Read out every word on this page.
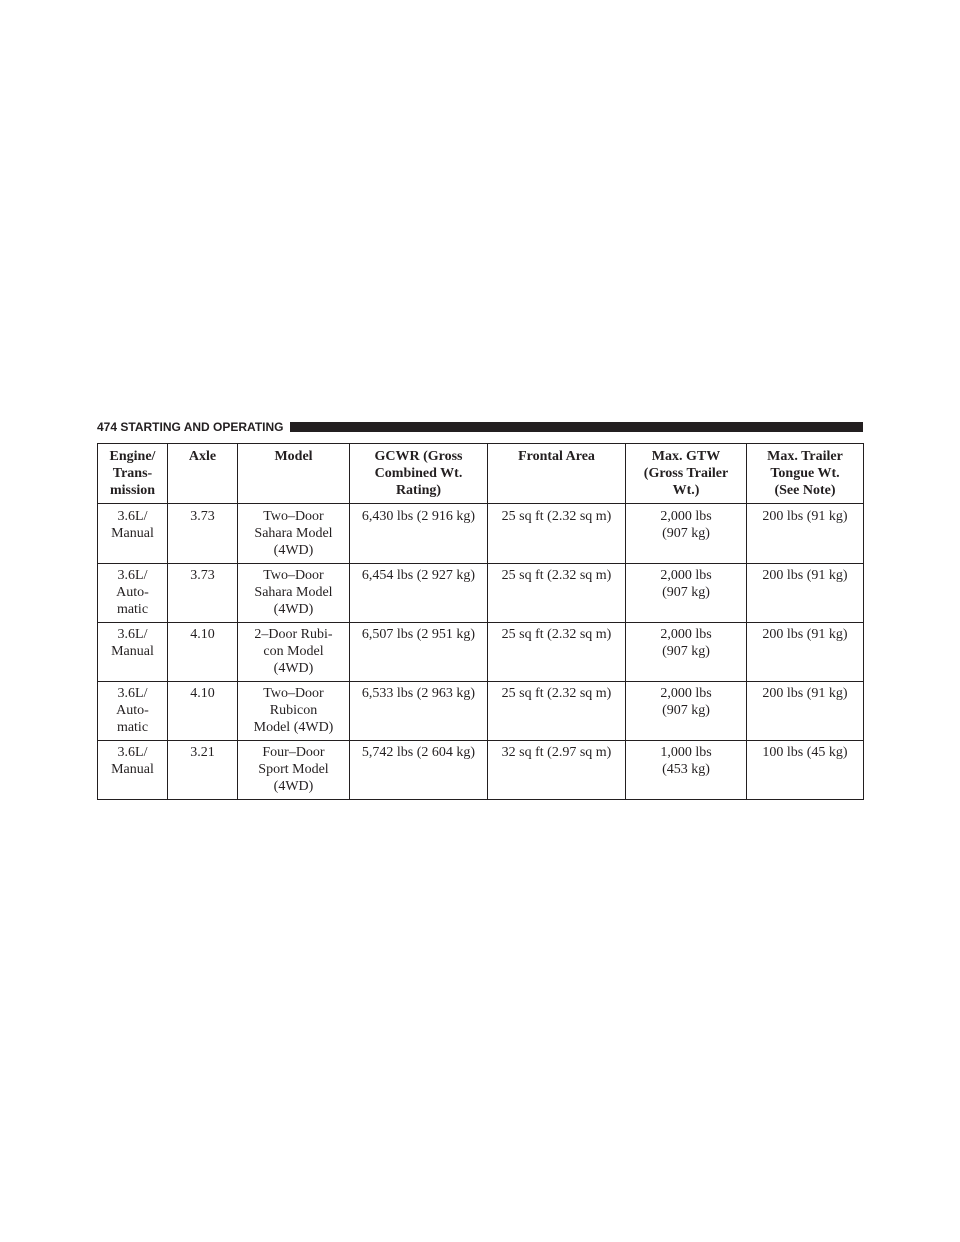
474 STARTING AND OPERATING
Engine/
Trans-
mission	Axle	Model	GCWR (Gross
Combined Wt.
Rating)	Frontal Area	Max. GTW
(Gross Trailer
Wt.)	Max. Trailer
Tongue Wt.
(See Note)

3.6L/
Manual	3.73	Two–Door
Sahara Model
(4WD)	6,430 lbs (2 916 kg)	25 sq ft (2.32 sq m)	2,000 lbs
(907 kg)	200 lbs (91 kg)

3.6L/
Auto-
matic	3.73	Two–Door
Sahara Model
(4WD)	6,454 lbs (2 927 kg)	25 sq ft (2.32 sq m)	2,000 lbs
(907 kg)	200 lbs (91 kg)

3.6L/
Manual	4.10	2–Door Rubi-
con Model
(4WD)	6,507 lbs (2 951 kg)	25 sq ft (2.32 sq m)	2,000 lbs
(907 kg)	200 lbs (91 kg)

3.6L/
Auto-
matic	4.10	Two–Door
Rubicon
Model (4WD)	6,533 lbs (2 963 kg)	25 sq ft (2.32 sq m)	2,000 lbs
(907 kg)	200 lbs (91 kg)

3.6L/
Manual	3.21	Four–Door
Sport Model
(4WD)	5,742 lbs (2 604 kg)	32 sq ft (2.97 sq m)	1,000 lbs
(453 kg)	100 lbs (45 kg)
